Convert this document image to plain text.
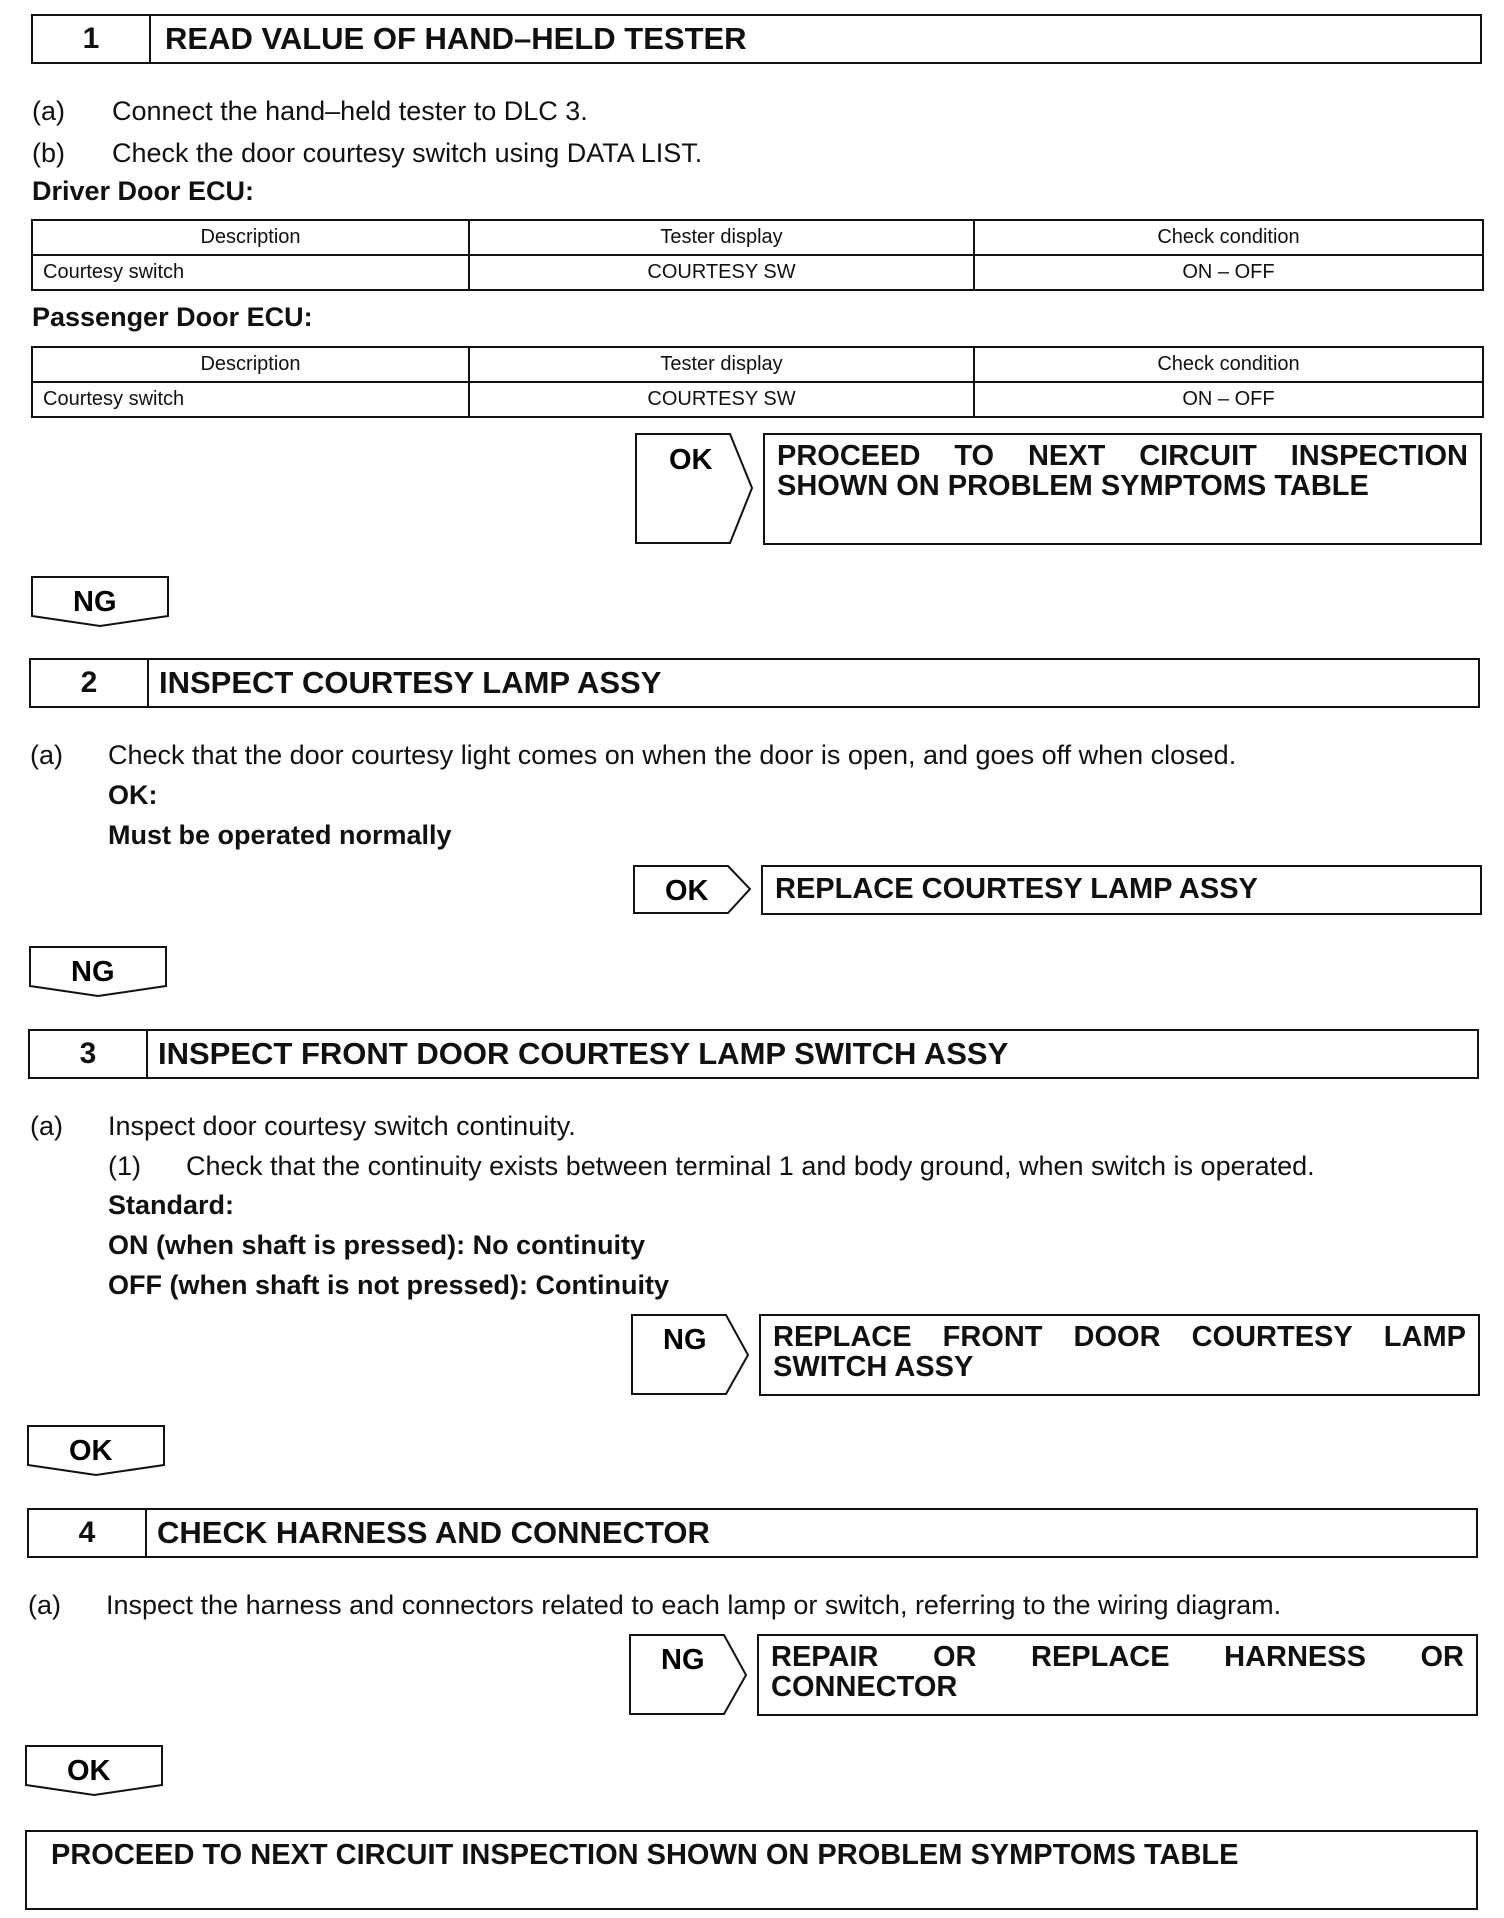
1	READ VALUE OF HAND–HELD TESTER
(a) Connect the hand–held tester to DLC 3.
(b) Check the door courtesy switch using DATA LIST.
Driver Door ECU:
Description	Tester display	Check condition
Courtesy switch	COURTESY SW	ON – OFF
Passenger Door ECU:
Description	Tester display	Check condition
Courtesy switch	COURTESY SW	ON – OFF
OK PROCEED TO NEXT CIRCUIT INSPECTION
SHOWN ON PROBLEM SYMPTOMS TABLE
NG
2	INSPECT COURTESY LAMP ASSY
(a) Check that the door courtesy light comes on when the door is open, and goes off when closed.
OK:
Must be operated normally
OK	REPLACE COURTESY LAMP ASSY
NG
3	INSPECT FRONT DOOR COURTESY LAMP SWITCH ASSY
(a) Inspect door courtesy switch continuity.
(1) Check that the continuity exists between terminal 1 and body ground, when switch is operated.
Standard:
ON (when shaft is pressed): No continuity
OFF (when shaft is not pressed): Continuity
NG REPLACE FRONT DOOR COURTESY LAMP
SWITCH ASSY
OK
4	CHECK HARNESS AND CONNECTOR
(a) Inspect the harness and connectors related to each lamp or switch, referring to the wiring diagram.
NG REPAIR OR REPLACE HARNESS OR
CONNECTOR
OK
PROCEED TO NEXT CIRCUIT INSPECTION SHOWN ON PROBLEM SYMPTOMS TABLE
